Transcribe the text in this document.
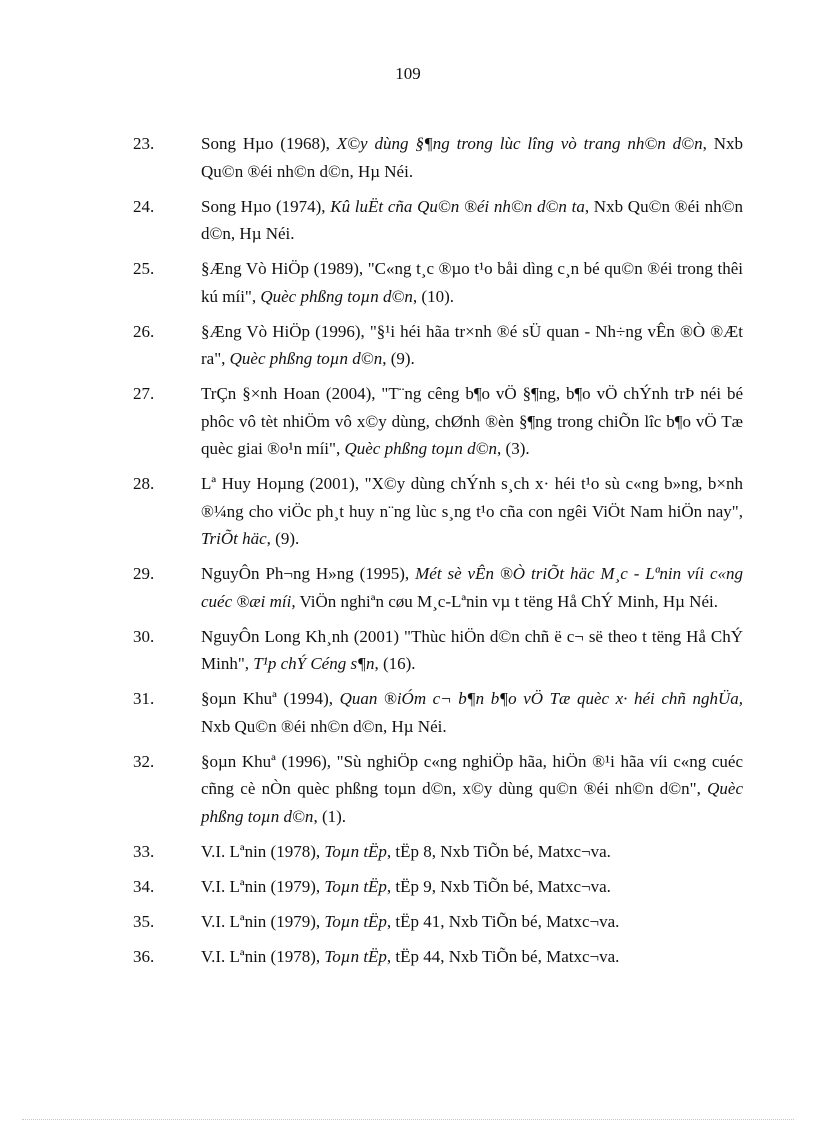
109
23.	Song Hµo (1968), X©y dùng §¶ng trong lùc lîng vò trang nh©n d©n, Nxb Qu©n ®éi nh©n d©n, Hµ Néi.
24.	Song Hµo (1974), Kû luËt cña Qu©n ®éi nh©n d©n ta, Nxb Qu©n ®éi nh©n d©n, Hµ Néi.
25.	§Æng Vò HiÖp (1989), "C«ng t¸c ®µo t¹o båi dìng c¸n bé qu©n ®éi trong thêi kú míi", Quèc phßng toµn d©n, (10).
26.	§Æng Vò HiÖp (1996), "§¹i héi hãa tr×nh ®é sÜ quan - Nh÷ng vÊn ®Ò ®Æt ra", Quèc phßng toµn d©n, (9).
27.	TrÇn §×nh Hoan (2004), "T¨ng cêng b¶o vÖ §¶ng, b¶o vÖ chÝnh trÞ néi bé phôc vô tèt nhiÖm vô x©y dùng, chØnh ®èn §¶ng trong chiÕn lîc b¶o vÖ Tæ quèc giai ®o¹n míi", Quèc phßng toµn d©n, (3).
28.	Lª Huy Hoµng (2001), "X©y dùng chÝnh s¸ch x· héi t¹o sù c«ng b»ng, b×nh ®¼ng cho viÖc ph¸t huy n¨ng lùc s¸ng t¹o cña con ngêi ViÖt Nam hiÖn nay", TriÕt häc, (9).
29.	NguyÔn Ph¬ng H»ng (1995), Mét sè vÊn ®Ò triÕt häc M¸c - Lªnin víi c«ng cuéc ®æi míi, ViÖn nghiªn cøu M¸c-Lªnin vµ t tëng Hå ChÝ Minh, Hµ Néi.
30.	NguyÔn Long Kh¸nh (2001) "Thùc hiÖn d©n chñ ë c¬ së theo t tëng Hå ChÝ Minh", T¹p chÝ Céng s¶n, (16).
31.	§oµn Khuª (1994), Quan ®iÓm c¬ b¶n b¶o vÖ Tæ quèc x· héi chñ nghÜa, Nxb Qu©n ®éi nh©n d©n, Hµ Néi.
32.	§oµn Khuª (1996), "Sù nghiÖp c«ng nghiÖp hãa, hiÖn ®¹i hãa víi c«ng cuéc cñng cè nÒn quèc phßng toµn d©n, x©y dùng qu©n ®éi nh©n d©n", Quèc phßng toµn d©n, (1).
33.	V.I. Lªnin (1978), Toµn tËp, tËp 8, Nxb TiÕn bé, Matxc¬va.
34.	V.I. Lªnin (1979), Toµn tËp, tËp 9, Nxb TiÕn bé, Matxc¬va.
35.	V.I. Lªnin (1979), Toµn tËp, tËp 41, Nxb TiÕn bé, Matxc¬va.
36.	V.I. Lªnin (1978), Toµn tËp, tËp 44, Nxb TiÕn bé, Matxc¬va.
